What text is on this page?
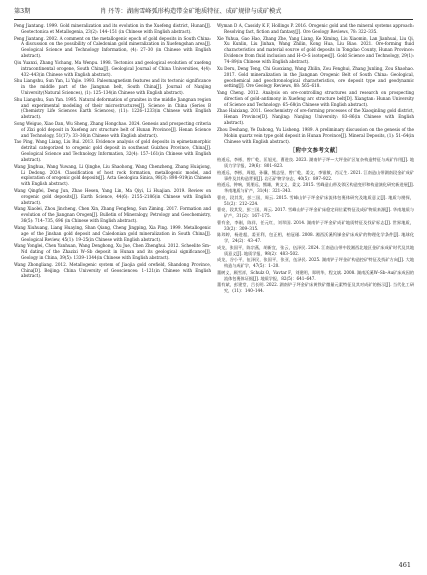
第3期	肖 丹等：湖南雪峰弧形构造带金矿地质特征、成矿规律与成矿模式

Peng Jiantang. 1999. Gold mineralization and its evolution in the Xuefeng district, Hunan[J]. Geotectonica et Metallogenia, 23(2): 144–151 (in Chinese with English abstract).

Peng Jiantang. 2002. A comment on the metallogenic epoch of gold deposits in South China: A discussion on the possibility of Caledonian gold mineralization in Xuefengshan area[J]. Geological Science and Technology Information, (4): 27–30 (in Chinese with English abstract).

Qiu Yuanxi, Zhang Yichang, Ma Wenpu. 1998. Tectonics and geological evolution of xuefeng intracontinental orogene, South China[J]. Geological Journal of China Universities, 4(4): 432–443(in Chinese with English abstract).

Shu Liangshu, Sun Yan, Li Yajie. 1993. Paleomagnetism features and its tectonic significance in the middle part of the Jiangnan belt, South China[J]. Journal of Nanjing University(Natural Sciences), (1): 125–134(in Chinese with English abstract).

Shu Liangshu, Sun Yan. 1995. Natural deformation of granites in the middle Jiangnan region and experimental modeling of their microstructures[J]. Science in China (Series B (Chemistry Life Sciences Earth Sciences), (11): 1226–1233(in Chinese with English abstract).

Song Weiguo, Xiao Dan, Wu Sheng, Zhang Hongchao. 2024. Genesis and prospecting criteria of Zixi gold deposit in Xuefeng arc structure belt of Hunan Province[J]. Henan Science and Technology, 51(17): 33–36(in Chinese with English abstract).

Tao Ping, Wang Liang, Liu Rui. 2013. Evidence analysis of gold deposits in epimetamorphic detrital categorized to orogenic gold deposit in southeast Guizhou Province, China[J]. Geological Science and Technology Information, 32(4): 157–161(in Chinese with English abstract).

Wang Jinghua, Wang Yuwang, Li Qinghe, Liu Shaohong, Wang Chenzheng, Zhang Huiqiong, Li Dedong. 2024. Classification of host rock formation, metallogenic model, and exploration of orogenic gold deposits[J]. Acta Geologica Sinica, 98(3): 898–919(in Chinese with English abstract).

Wang Qingfei, Deng Jun, Zhao Hesen, Yang Lin, Ma Qiyi, Li Huajian. 2019. Review on orogenic gold deposits[J]. Earth Science, 44(6): 2155–2186(in Chinese with English abstract).

Wang Xiaolei, Zhou Jincheng, Chen Xin, Zhang Fengfeng, Sun Ziming. 2017. Formation and evolution of the Jiangnan Orogen[J]. Bulletin of Mineralogy, Petrology and Geochemistry, 36(5): 714–735, 696 (in Chinese with English abstract).

Wang Xiuhuang, Liang Huaying, Shan Qiang, Cheng Jingping, Xia Ping. 1999. Metallogenic age of the Jinshan gold deposit and Caledonian gold mineralization in South China[J]. Geological Review, 45(1): 19–25(in Chinese with English abstract).

Wang Yonglei, Chen Yanhuan, Wang Denghong, Xu Jue, Chen Zhenghui. 2012. Scheelite Sm–Nd dating of the Zhazixi W–Sb deposit in Hunan and its geological significance[J]. Geology in China, 39(5): 1339–1344(in Chinese with English abstract).

Wang Zhongliang. 2012. Metallogenic system of Jiaojia gold orefield, Shandong Province, China[D]. Beijing: China University of Geosciences: 1–121(in Chinese with English abstract).

Wyman D A, Cassidy K F, Hollings P. 2016. Orogenic gold and the mineral systems approach: Resolving fact, fiction and fantasy[J]. Ore Geology Reviews, 78: 322–335.

Xie Yuhua, Gao Hao, Zhang Zhe, Yang Liang, Ke Ximing, Liu Xiaomin, Lan Jianhuai, Liu Qi, Xu Kunlin, Liu Jinhan, Wang Zhilin, Kong Hua, Liu Biao. 2021. Ore-forming fluid characteristics and material source of gold deposits in Tongdao County, Hunan Province: Evidence from fluid inclusion and H–O–S isotopes[J]. Gold Science and Technology, 29(1): 74–89(in Chinese with English abstract).

Xu Deru, Deng Teng, Chi Guoxiang, Wang Zhilin, Zou Fenghui, Zhang Junling, Zou Shaohao. 2017. Gold mineralization in the Jiangnan Orogenic Belt of South China: Geological, geochemical and geochronological characteristics, ore deposit type and geodynamic setting[J]. Ore Geology Reviews, 88: 565–618.

Yang Cheng. 2012. Analysis on ore-controlling structures and research on prospecting direction of gold–antimony in Xuefeng arc structure belt[D]. Xiangtan: Hunan University of Science and Technology: 65–68(in Chinese with English abstract).

Zhao Haixiang. 2011. Geochemistry of ore-forming processes of the Xiaoqinling gold district, Henan Province[D]. Nanjing: Nanjing University: 83–86(in Chinese with English abstract).

Zhou Deshang, Ye Dahong, Yu Lisheng. 1989. A preliminary discussion on the genesis of the Mobin quartz vein type gold deposit in Hunan Province[J]. Mineral Deposits, (1): 51–64(in Chinese with English abstract).

［附中文参考文献］

柏道远，李彬，曾广乾，匡旭光，曹进良. 2023. 湖南铲子坪—大坪金矿区复杂构造特征与成矿作用[J]. 地质力学学报，29(6)：801–823.

柏道远，李彬，周超，孙骥，熊志坚，曾广乾，姜文，李银敏，肖辽生. 2021. 江南造山带湖南段金矿成矿事件及其构造背景[J]. 岩石矿物学杂志，40(5)：897–922.

柏道远，钟响，贾朋远，熊雄，黄文义，姜文. 2015. 雪峰造山带及邻区构造变形和构造演化研究新进展[J]. 华南地质与矿产，31(4)：321–343.

曹亮，段其发，彭三国，周云. 2015. 雪峰山铲子坪金矿床流体包裹体研究及地质意义[J]. 地质与勘探，51(2)：212–224.

曹亮，段其发，彭三国，周云. 2017. 雪峰山铲子坪金矿床稳定同位素特征及成矿物质来源[J]. 华南地质与矿产，31(2)：167–175.

曹有金，李刚，陈祥，任元红，刘翠国. 2014. 湖南铲子坪金矿成矿地质特征及找矿标志[J]. 世界地质，33(2)：309–315.

陈玮婷，杨进超，姜亚利，包正相，柏冠瑾. 2008. 湘西沃溪钨锑金矿床成矿的物理化学条件[J]. 地球化学，24(2)：43–47.

成龙，张国平，陈宗燕，胡新宜，张云，伍泽民. 2024. 江南造山带中段湘西北地区金矿床成矿时代及其地质意义[J]. 地质学报，98(2)：483–502.

成龙，谷小平，伍泽民，张国平，张亚，伍泽民. 2025. 湖南铲子坪金矿构造控矿特征及找矿方向[J]. 大地构造与成矿学，47(5)：1–20.

董树义，顾雪祥，Schulz O，Vavtar F，刘建明，郑明华，程文斌. 2008. 湖南沃溪W–Sb–Au矿床成因的流体包裹体证据[J]. 地质学报，82(5)：641–647.

董有斌，彭建堂，吕长明. 2022. 湖南铲子坪金矿床黄铁矿微量元素特征及其对成矿的指示[J]. 当代化工研究，(11)：140–144.

461
